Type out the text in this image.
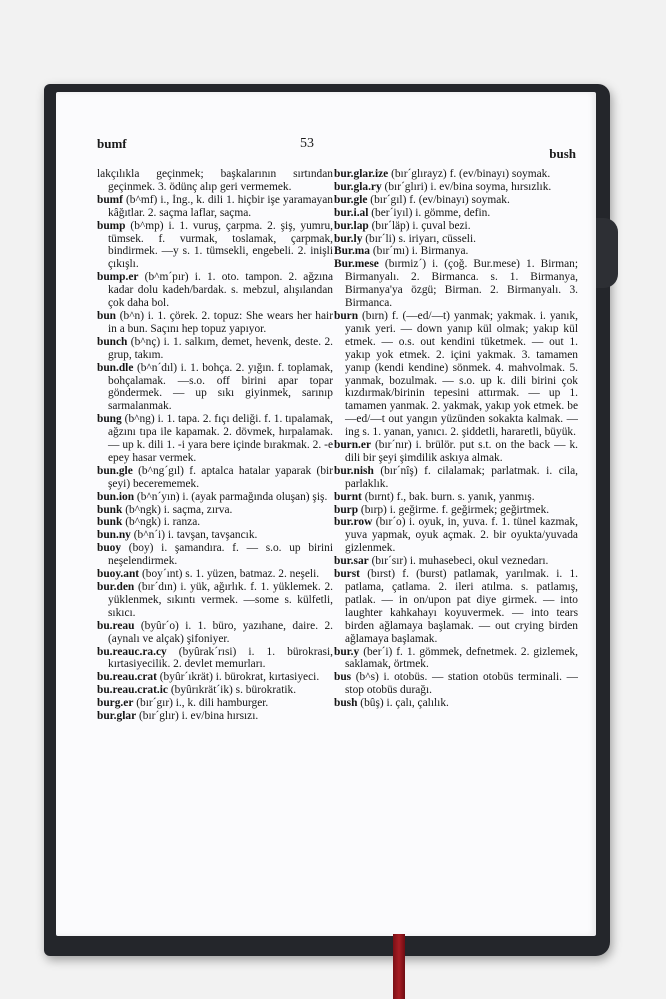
bumf	53
bush

lakçılıkla geçinmek; başkalarının sırtından geçinmek. 3. ödünç alıp geri vermemek.

bumf (b^mf) i., İng., k. dili 1. hiçbir işe yaramayan kâğıtlar. 2. saçma laflar, saçma.

bump (b^mp) i. 1. vuruş, çarpma. 2. şiş, yumru, tümsek. f. vurmak, toslamak, çarpmak, bindirmek. —y s. 1. tümsekli, engebeli. 2. inişli çıkışlı.

bump.er (b^m´pır) i. 1. oto. tampon. 2. ağzına kadar dolu kadeh/bardak. s. mebzul, alışılandan çok daha bol.

bun (b^n) i. 1. çörek. 2. topuz: She wears her hair in a bun. Saçını hep topuz yapıyor.

bunch (b^nç) i. 1. salkım, demet, hevenk, deste. 2. grup, takım.

bun.dle (b^n´dıl) i. 1. bohça. 2. yığın. f. toplamak, bohçalamak. —s.o. off birini apar topar göndermek. — up sıkı giyinmek, sarınıp sarmalanmak.

bung (b^ng) i. 1. tapa. 2. fıçı deliği. f. 1. tıpalamak, ağzını tıpa ile kapamak. 2. dövmek, hırpalamak. — up k. dili 1. -i yara bere içinde bırakmak. 2. -e epey hasar vermek.

bun.gle (b^ng´gıl) f. aptalca hatalar yaparak (bir şeyi) becerememek.

bun.ion (b^n´yın) i. (ayak parmağında oluşan) şiş.

bunk (b^ngk) i. saçma, zırva.

bunk (b^ngk) i. ranza.

bun.ny (b^n´i) i. tavşan, tavşancık.

buoy (boy) i. şamandıra. f. — s.o. up birini neşelendirmek.

buoy.ant (boy´ınt) s. 1. yüzen, batmaz. 2. neşeli.

bur.den (bır´dın) i. yük, ağırlık. f. 1. yüklemek. 2. yüklenmek, sıkıntı vermek. —some s. külfetli, sıkıcı.

bu.reau (byûr´o) i. 1. büro, yazıhane, daire. 2. (aynalı ve alçak) şifoniyer.

bu.reauc.ra.cy (byûrak´rısi) i. 1. bürokrasi, kırtasiyecilik. 2. devlet memurları.

bu.reau.crat (byûr´ıkrät) i. bürokrat, kırtasiyeci.

bu.reau.crat.ic (byûrıkrät´ik) s. bürokratik.

burg.er (bır´gır) i., k. dili hamburger.

bur.glar (bır´glır) i. ev/bina hırsızı.

bur.glar.ize (bır´glırayz) f. (ev/binayı) soymak.

bur.gla.ry (bır´glıri) i. ev/bina soyma, hırsızlık.

bur.gle (bır´gıl) f. (ev/binayı) soymak.

bur.i.al (ber´iyıl) i. gömme, defin.

bur.lap (bır´läp) i. çuval bezi.

bur.ly (bır´li) s. iriyarı, cüsseli.

Bur.ma (bır´mı) i. Birmanya.

Bur.mese (bırmiz´) i. (çoğ. Bur.mese) 1. Birman; Birmanyalı. 2. Birmanca. s. 1. Birmanya, Birmanya'ya özgü; Birman. 2. Birmanyalı. 3. Birmanca.

burn (bırn) f. (—ed/—t) yanmak; yakmak. i. yanık, yanık yeri. — down yanıp kül olmak; yakıp kül etmek. — o.s. out kendini tüketmek. — out 1. yakıp yok etmek. 2. içini yakmak. 3. tamamen yanıp (kendi kendine) sönmek. 4. mahvolmak. 5. yanmak, bozulmak. — s.o. up k. dili birini çok kızdırmak/birinin tepesini attırmak. — up 1. tamamen yanmak. 2. yakmak, yakıp yok etmek. be —ed/—t out yangın yüzünden sokakta kalmak. —ing s. 1. yanan, yanıcı. 2. şiddetli, hararetli, büyük.

burn.er (bır´nır) i. brülör. put s.t. on the back — k. dili bir şeyi şimdilik askıya almak.

bur.nish (bır´nîş) f. cilalamak; parlatmak. i. cila, parlaklık.

burnt (bırnt) f., bak. burn. s. yanık, yanmış.

burp (bırp) i. geğirme. f. geğirmek; geğirtmek.

bur.row (bır´o) i. oyuk, in, yuva. f. 1. tünel kazmak, yuva yapmak, oyuk açmak. 2. bir oyukta/yuvada gizlenmek.

bur.sar (bır´sır) i. muhasebeci, okul veznedarı.

burst (bırst) f. (burst) patlamak, yarılmak. i. 1. patlama, çatlama. 2. ileri atılma. s. patlamış, patlak. — in on/upon pat diye girmek. — into laughter kahkahayı koyuvermek. — into tears birden ağlamaya başlamak. — out crying birden ağlamaya başlamak.

bur.y (ber´i) f. 1. gömmek, defnetmek. 2. gizlemek, saklamak, örtmek.

bus (b^s) i. otobüs. — station otobüs terminali. — stop otobüs durağı.

bush (bûş) i. çalı, çalılık.
